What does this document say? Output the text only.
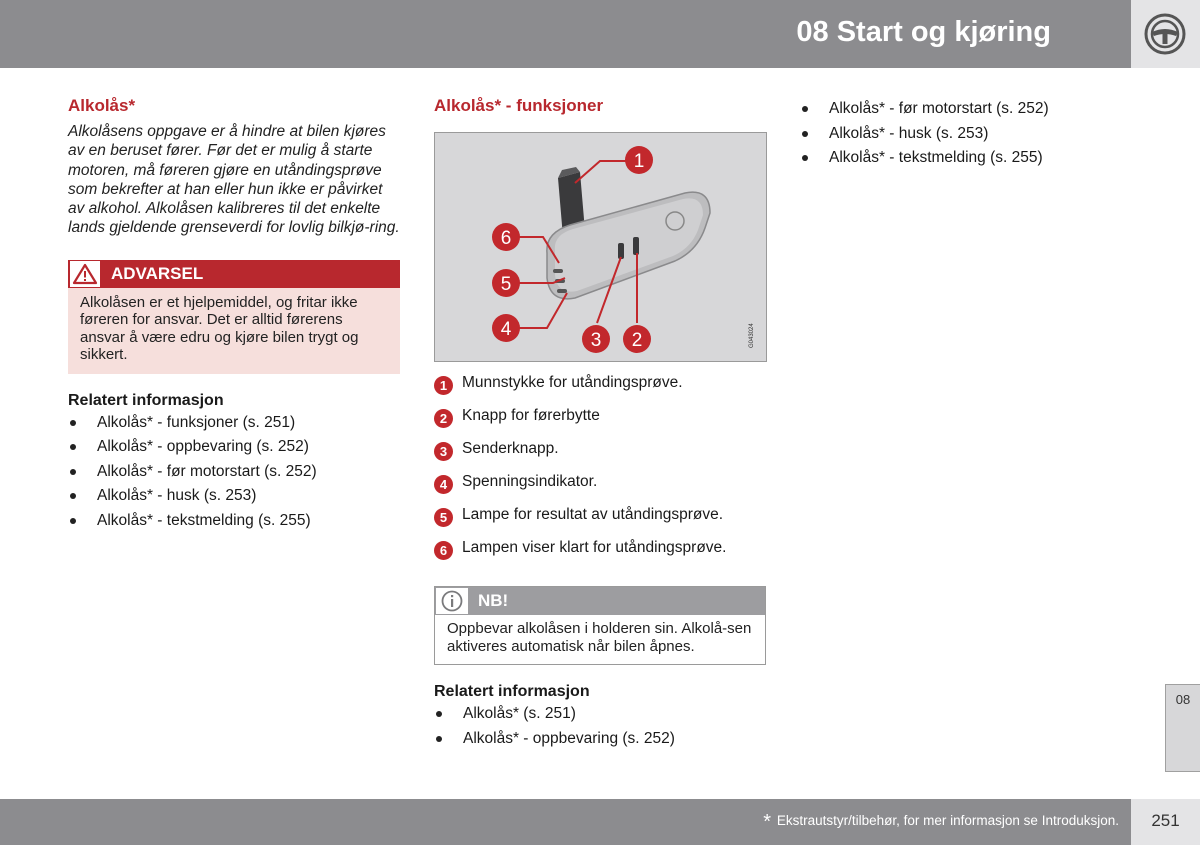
08 Start og kjøring
Alkolås*

Alkolåsens oppgave er å hindre at bilen kjøres av en beruset fører. Før det er mulig å starte motoren, må føreren gjøre en utåndingsprøve som bekrefter at han eller hun ikke er påvirket av alkohol. Alkolåsen kalibreres til det enkelte lands gjeldende grenseverdi for lovlig bilkjø-ring.

ADVARSEL
Alkolåsen er et hjelpemiddel, og fritar ikke føreren for ansvar. Det er alltid førerens ansvar å være edru og kjøre bilen trygt og sikkert.
Relatert informasjon
Alkolås* - funksjoner (s. 251)
Alkolås* - oppbevaring (s. 252)
Alkolås* - før motorstart (s. 252)
Alkolås* - husk (s. 253)
Alkolås* - tekstmelding (s. 255)
Alkolås* - funksjoner
1
2
3
4
5
6
G043024
1 Munnstykke for utåndingsprøve.
2 Knapp for førerbytte
3 Senderknapp.
4 Spenningsindikator.
5 Lampe for resultat av utåndingsprøve.
6 Lampen viser klart for utåndingsprøve.
NB!
Oppbevar alkolåsen i holderen sin. Alkolå-sen aktiveres automatisk når bilen åpnes.
Relatert informasjon
Alkolås* (s. 251)
Alkolås* - oppbevaring (s. 252)
Alkolås* - før motorstart (s. 252)
Alkolås* - husk (s. 253)
Alkolås* - tekstmelding (s. 255)
08
* Ekstrautstyr/tilbehør, for mer informasjon se Introduksjon.	251
